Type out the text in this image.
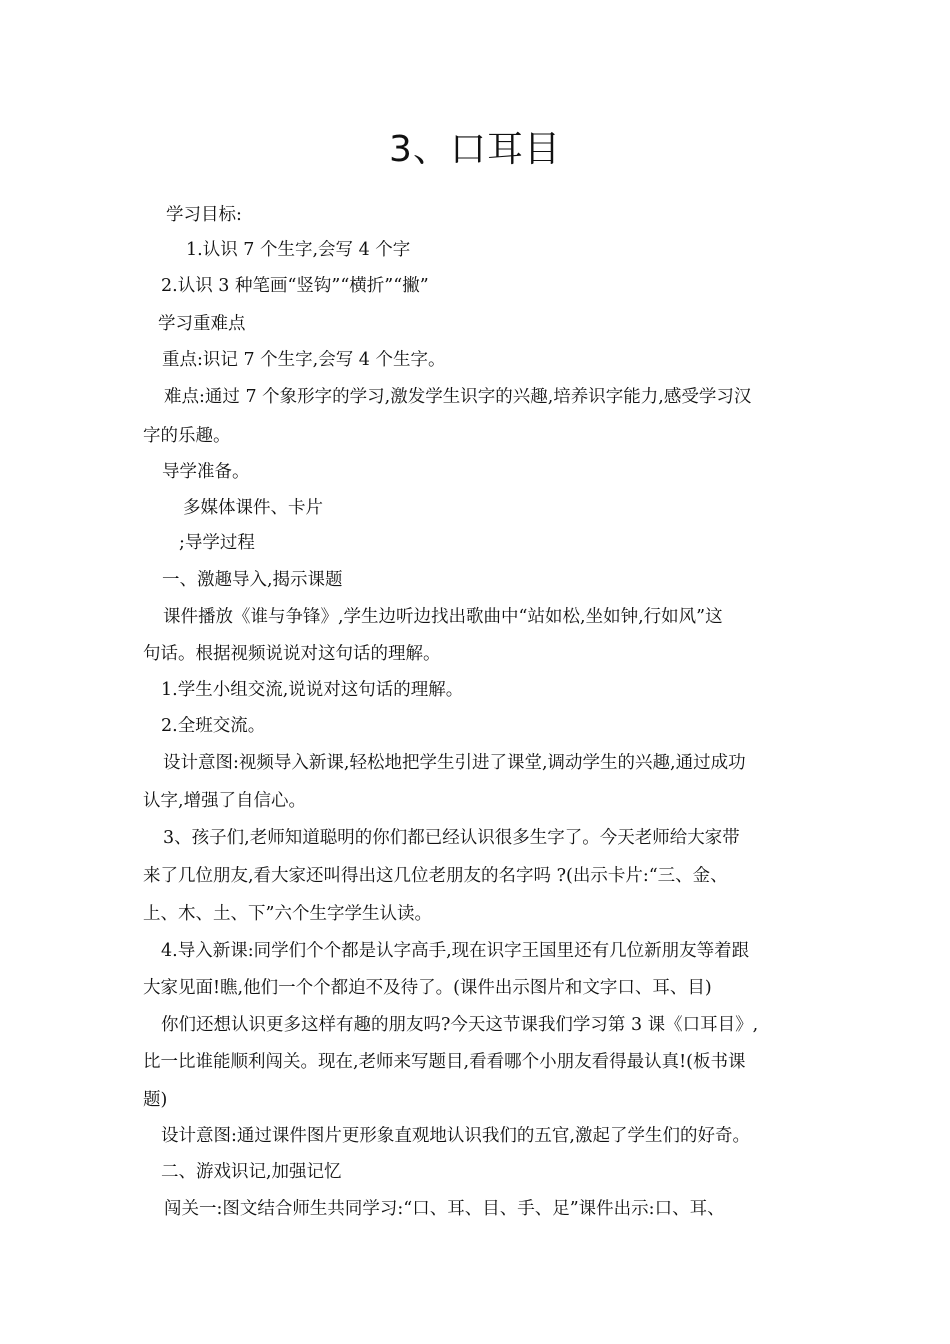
3、口耳目
学习目标:
1.认识 7 个生字,会写 4 个字
2.认识 3 种笔画“竖钩”“横折”“撇”
学习重难点
重点:识记 7 个生字,会写 4 个生字。
难点:通过 7 个象形字的学习,激发学生识字的兴趣,培养识字能力,感受学习汉
字的乐趣。
导学准备。
多媒体课件、卡片
;导学过程
一、激趣导入,揭示课题
课件播放《谁与争锋》,学生边听边找出歌曲中“站如松,坐如钟,行如风”这
句话。根据视频说说对这句话的理解。
1.学生小组交流,说说对这句话的理解。
2.全班交流。
设计意图:视频导入新课,轻松地把学生引进了课堂,调动学生的兴趣,通过成功
认字,增强了自信心。
3、孩子们,老师知道聪明的你们都已经认识很多生字了。今天老师给大家带
来了几位朋友,看大家还叫得出这几位老朋友的名字吗 ?(出示卡片:“三、金、
上、木、土、下”六个生字学生认读。
4.导入新课:同学们个个都是认字高手,现在识字王国里还有几位新朋友等着跟
大家见面!瞧,他们一个个都迫不及待了。(课件出示图片和文字口、耳、目)
你们还想认识更多这样有趣的朋友吗?今天这节课我们学习第 3 课《口耳目》,
比一比谁能顺利闯关。现在,老师来写题目,看看哪个小朋友看得最认真!(板书课
题)
设计意图:通过课件图片更形象直观地认识我们的五官,激起了学生们的好奇。
二、游戏识记,加强记忆
闯关一:图文结合师生共同学习:“口、耳、目、手、足”课件出示:口、耳、
